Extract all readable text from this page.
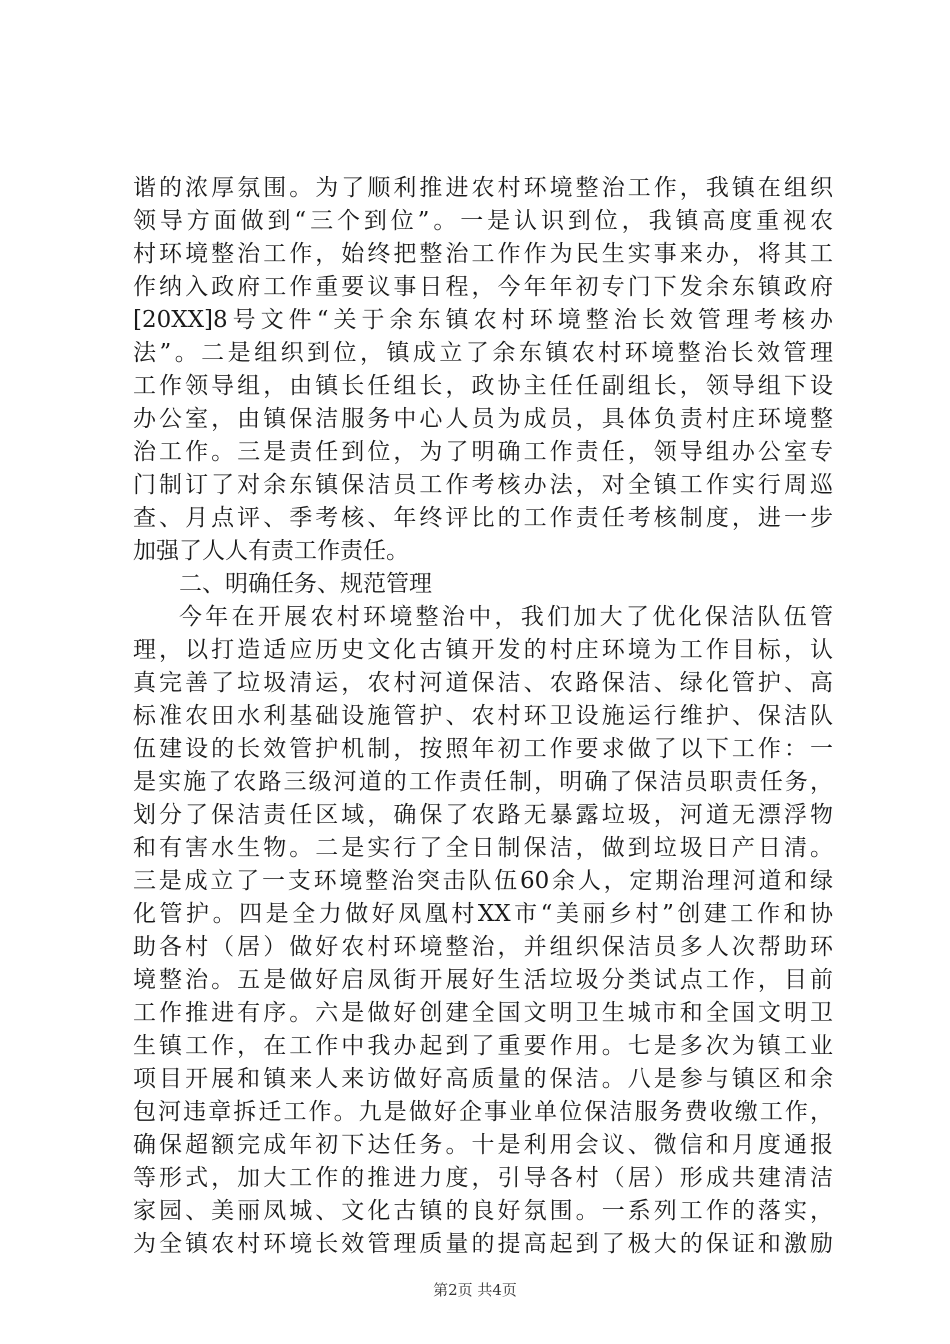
谐的浓厚氛围。为了顺利推进农村环境整治工作，我镇在组织
领导方面做到“三个到位”。一是认识到位，我镇高度重视农
村环境整治工作，始终把整治工作作为民生实事来办，将其工
作纳入政府工作重要议事日程，今年年初专门下发余东镇政府
[20XX]8号文件“关于余东镇农村环境整治长效管理考核办
法”。二是组织到位，镇成立了余东镇农村环境整治长效管理
工作领导组，由镇长任组长，政协主任任副组长，领导组下设
办公室，由镇保洁服务中心人员为成员，具体负责村庄环境整
治工作。三是责任到位，为了明确工作责任，领导组办公室专
门制订了对余东镇保洁员工作考核办法，对全镇工作实行周巡
查、月点评、季考核、年终评比的工作责任考核制度，进一步
加强了人人有责工作责任。
二、明确任务、规范管理
今年在开展农村环境整治中，我们加大了优化保洁队伍管
理，以打造适应历史文化古镇开发的村庄环境为工作目标，认
真完善了垃圾清运，农村河道保洁、农路保洁、绿化管护、高
标准农田水利基础设施管护、农村环卫设施运行维护、保洁队
伍建设的长效管护机制，按照年初工作要求做了以下工作：一
是实施了农路三级河道的工作责任制，明确了保洁员职责任务，
划分了保洁责任区域，确保了农路无暴露垃圾，河道无漂浮物
和有害水生物。二是实行了全日制保洁，做到垃圾日产日清。
三是成立了一支环境整治突击队伍60余人，定期治理河道和绿
化管护。四是全力做好凤凰村XX市“美丽乡村”创建工作和协
助各村（居）做好农村环境整治，并组织保洁员多人次帮助环
境整治。五是做好启凤街开展好生活垃圾分类试点工作，目前
工作推进有序。六是做好创建全国文明卫生城市和全国文明卫
生镇工作，在工作中我办起到了重要作用。七是多次为镇工业
项目开展和镇来人来访做好高质量的保洁。八是参与镇区和余
包河违章拆迁工作。九是做好企事业单位保洁服务费收缴工作，
确保超额完成年初下达任务。十是利用会议、微信和月度通报
等形式，加大工作的推进力度，引导各村（居）形成共建清洁
家园、美丽凤城、文化古镇的良好氛围。一系列工作的落实，
为全镇农村环境长效管理质量的提高起到了极大的保证和激励
第2页 共4页
